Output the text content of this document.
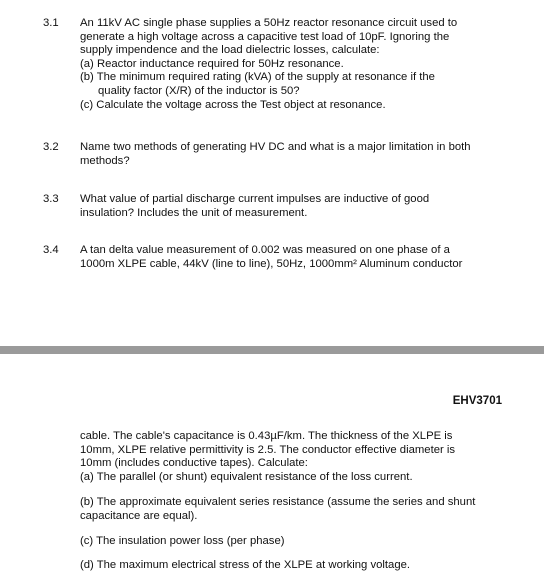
3.1 An 11kV AC single phase supplies a 50Hz reactor resonance circuit used to
generate a high voltage across a capacitive test load of 10pF. Ignoring the
supply impendence and the load dielectric losses, calculate:
(a) Reactor inductance required for 50Hz resonance.
(b) The minimum required rating (kVA) of the supply at resonance if the
quality factor (X/R) of the inductor is 50?
(c) Calculate the voltage across the Test object at resonance.
3.2 Name two methods of generating HV DC and what is a major limitation in both
methods?
3.3 What value of partial discharge current impulses are inductive of good
insulation? Includes the unit of measurement.
3.4 A tan delta value measurement of 0.002 was measured on one phase of a
1000m XLPE cable, 44kV (line to line), 50Hz, 1000mm² Aluminum conductor
EHV3701
cable. The cable's capacitance is 0.43µF/km. The thickness of the XLPE is
10mm, XLPE relative permittivity is 2.5. The conductor effective diameter is
10mm (includes conductive tapes). Calculate:
(a) The parallel (or shunt) equivalent resistance of the loss current.
(b) The approximate equivalent series resistance (assume the series and shunt
capacitance are equal).
(c) The insulation power loss (per phase)
(d) The maximum electrical stress of the XLPE at working voltage.
